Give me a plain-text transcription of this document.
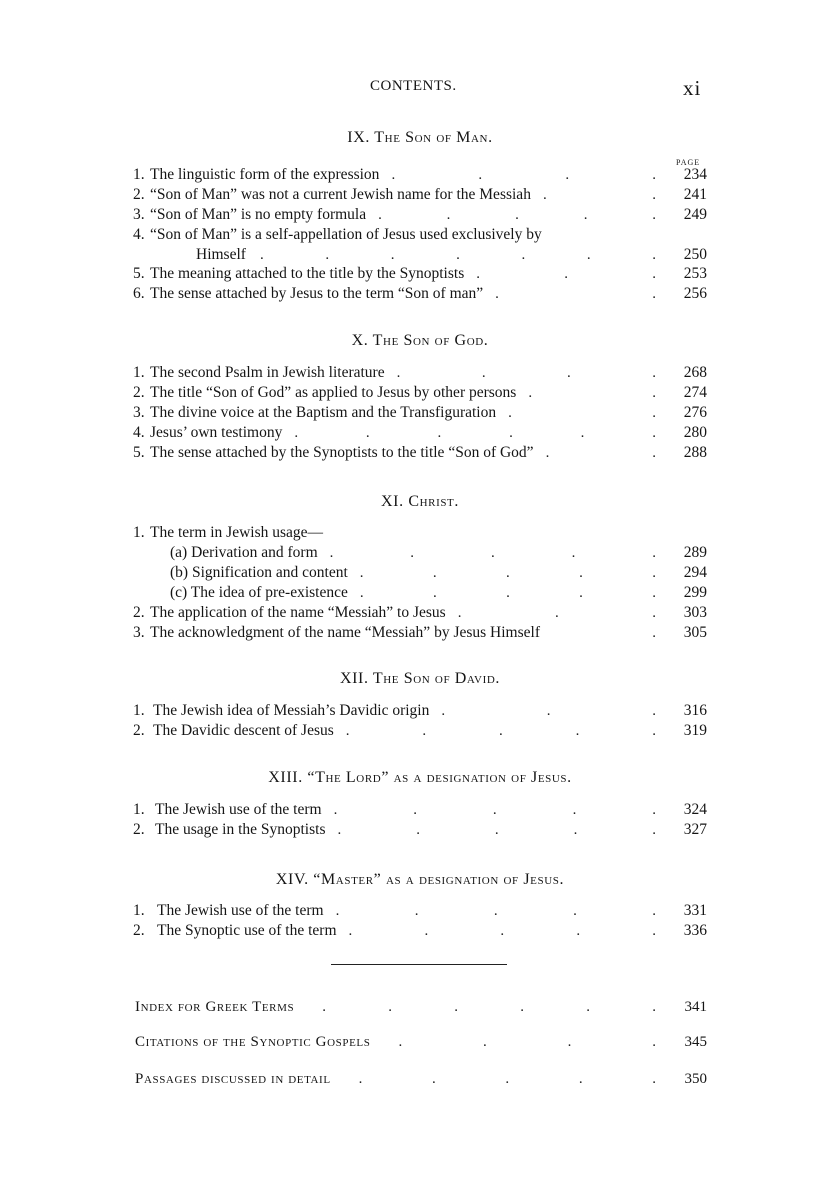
CONTENTS.	xi
PAGE
IX. The Son of Man.
1. The linguistic form of the expression	234
2. “Son of Man” was not a current Jewish name for the Messiah	241
3. “Son of Man” is no empty formula	249
4. “Son of Man” is a self-appellation of Jesus used exclusively by
Himself	250
5. The meaning attached to the title by the Synoptists	253
6. The sense attached by Jesus to the term “Son of man”	256
1. The second Psalm in Jewish literature	268
2. The title “Son of God” as applied to Jesus by other persons	274
3. The divine voice at the Baptism and the Transfiguration	276
4. Jesus’ own testimony	280
5. The sense attached by the Synoptists to the title “Son of God”	288
1. The term in Jewish usage—
(a) Derivation and form	289
(b) Signification and content	294
(c) The idea of pre-existence	299
2. The application of the name “Messiah” to Jesus	303
3. The acknowledgment of the name “Messiah” by Jesus Himself	305
1. The Jewish idea of Messiah’s Davidic origin	316
2. The Davidic descent of Jesus	319
1. The Jewish use of the term	324
2. The usage in the Synoptists	327
1. The Jewish use of the term	331
2. The Synoptic use of the term	336
X. The Son of God.
XI. Christ.
XII. The Son of David.
XIII. “The Lord” as a designation of Jesus.
XIV. “Master” as a designation of Jesus.
Index for Greek Terms	341
Citations of the Synoptic Gospels	345
Passages discussed in detail	350
.	.	.	.
.	.
.	.	.	.	.
.	.	.	.	.	.	.
.	.	.
.	.
.	.	.	.
.	.
.	.
.	.	.	.	.	.
.	.
.	.	.	.	.
.	.	.	.	.
.	.	.	.	.
.	.	.
.
.	.	.
.	.	.	.	.
.	.	.	.	.
.	.	.	.	.
.	.	.	.	.
.	.	.	.	.
.	.	.	.	.	.
.	.	.	.
.	.	.	.	.
